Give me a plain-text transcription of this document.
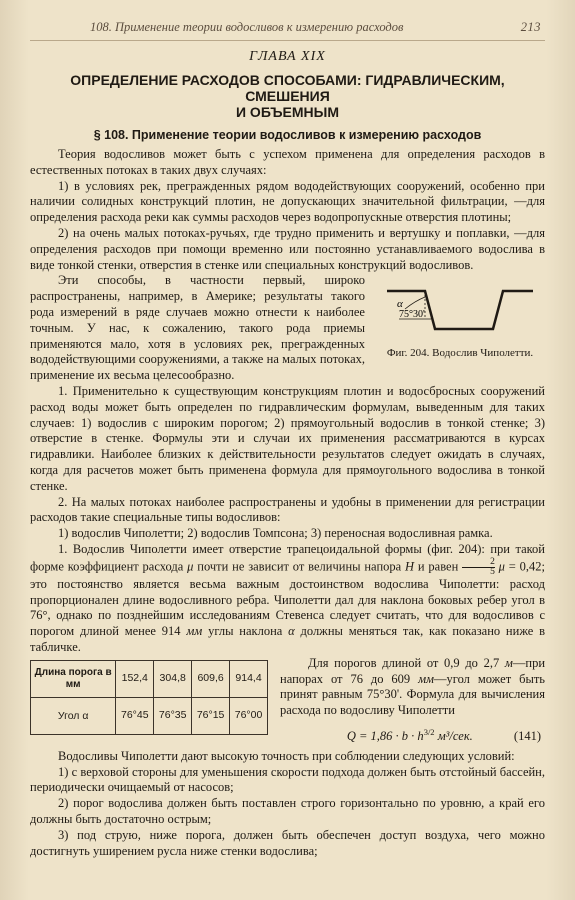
108. Применение теории водосливов к измерению расходов	213
ГЛАВА XIX
ОПРЕДЕЛЕНИЕ РАСХОДОВ СПОСОБАМИ: ГИДРАВЛИЧЕСКИМ, СМЕШЕНИЯ
И ОБЪЕМНЫМ
§ 108. Применение теории водосливов к измерению расходов

Теория водосливов может быть с успехом применена для определения расходов в естественных потоках в таких двух случаях:

1) в условиях рек, прегражденных рядом вододействующих сооружений, особенно при наличии солидных конструкций плотин, не допускающих значительной фильтрации, —для определения расхода реки как суммы расходов через водопропускные отверстия плотины;

2) на очень малых потоках-ручьях, где трудно применить и вертушку и поплавки, —для определения расходов при помощи временно или постоянно устанавливаемого водослива в виде тонкой стенки, отверстия в стенке или специальных конструкций водосливов.

α
75°30'
Фиг. 204. Водослив Чиполетти.

Эти способы, в частности первый, широко распространены, например, в Америке; результаты такого рода измерений в ряде случаев можно отнести к наиболее точным. У нас, к сожалению, такого рода приемы применяются мало, хотя в условиях рек, прегражденных вододействующими сооружениями, а также на малых потоках, применение их весьма целесообразно.

1. Применительно к существующим конструкциям плотин и водосбросных сооружений расход воды может быть определен по гидравлическим формулам, выведенным для таких случаев: 1) водослив с широким порогом; 2) прямоугольный водослив в тонкой стенке; 3) отверстие в стенке. Формулы эти и случаи их применения рассматриваются в курсах гидравлики. Наиболее близких к действительности результатов следует ожидать в случаях, когда для расчетов может быть применена формула для прямоугольного водослива в тонкой стенке.

2. На малых потоках наиболее распространены и удобны в применении для регистрации расходов такие специальные типы водосливов:

1) водослив Чиполетти; 2) водослив Томпсона; 3) переносная водосливная рамка.

1. Водослив Чиполетти имеет отверстие трапецоидальной формы (фиг. 204): при такой форме коэффициент расхода μ почти не зависит от величины напора H и равен $\frac{2}{5}$ μ = 0,42; это постоянство является весьма важным достоинством водослива Чиполетти: расход пропорционален длине водосливного ребра. Чиполетти дал для наклона боковых ребер угол в 76°, однако по позднейшим исследованиям Стевенса следует считать, что для водосливов с порогом длиной менее 914 мм углы наклона α должны меняться так, как показано ниже в табличке.

Длина порога в мм	152,4	304,8	609,6	914,4
Угол α	76°45	76°35	76°15	76°00

Для порогов длиной от 0,9 до 2,7 м—при напорах от 76 до 609 мм—угол может быть принят равным 75°30'. Формула для вычисления расхода по водосливу Чиполетти

$Q = 1,86 \cdot b \cdot h^{3/2}$ м³/сек.	(141)

Водосливы Чиполетти дают высокую точность при соблюдении следующих условий:

1) с верховой стороны для уменьшения скорости подхода должен быть отстойный бассейн, периодически очищаемый от насосов;

2) порог водослива должен быть поставлен строго горизонтально по уровню, а край его должны быть достаточно острым;

3) под струю, ниже порога, должен быть обеспечен доступ воздуха, чего можно достигнуть уширением русла ниже стенки водослива;
